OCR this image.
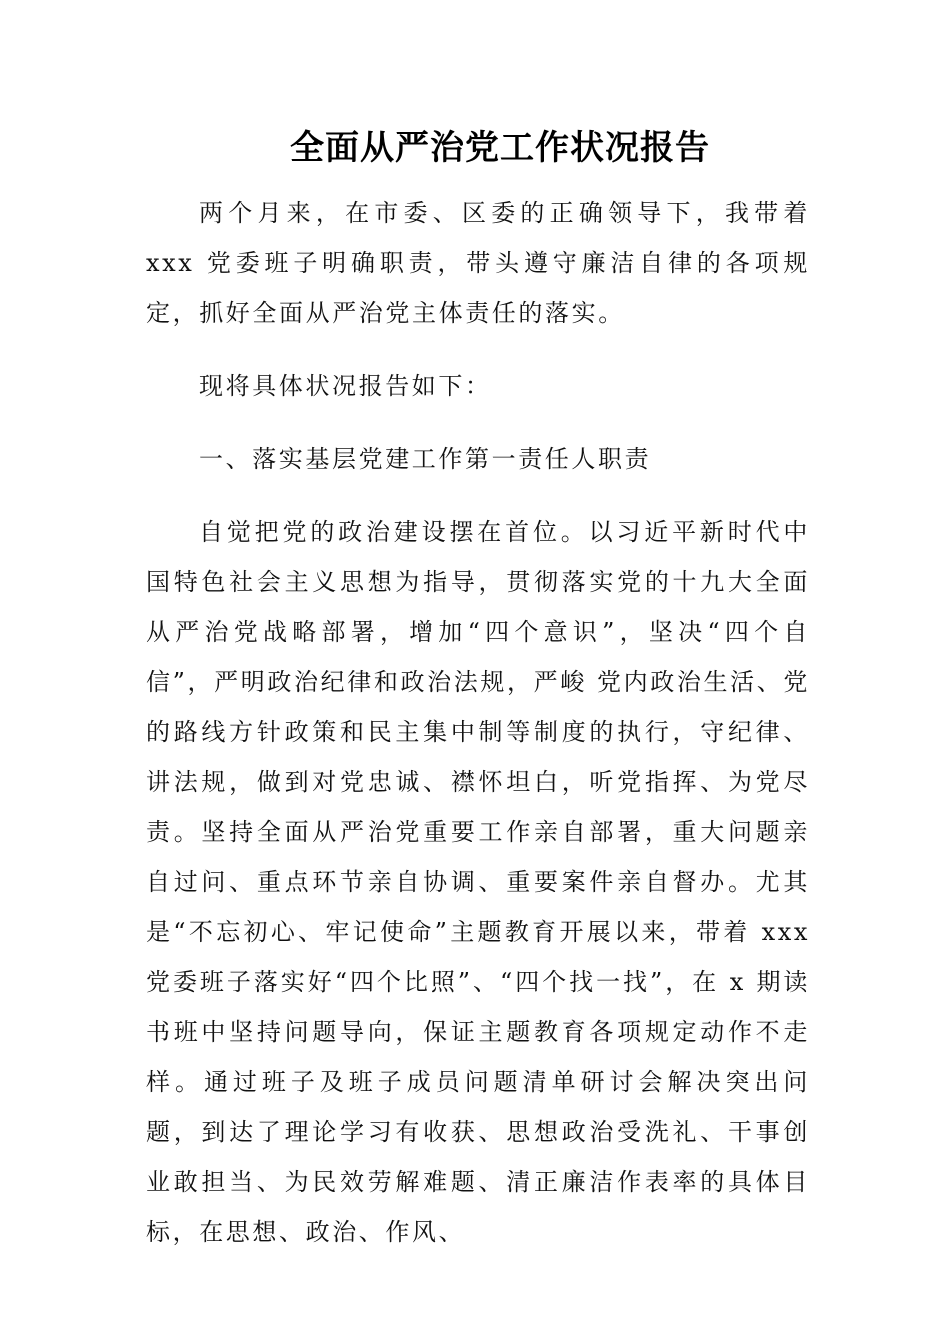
全面从严治党工作状况报告

两个月来，在市委、区委的正确领导下，我带着 xxx 党委班子明确职责，带头遵守廉洁自律的各项规定，抓好全面从严治党主体责任的落实。

现将具体状况报告如下：

一、落实基层党建工作第一责任人职责

自觉把党的政治建设摆在首位。以习近平新时代中国特色社会主义思想为指导，贯彻落实党的十九大全面从严治党战略部署，增加“四个意识”，坚决“四个自信”，严明政治纪律和政治法规，严峻 党内政治生活、党的路线方针政策和民主集中制等制度的执行，守纪律、讲法规，做到对党忠诚、襟怀坦白，听党指挥、为党尽责。坚持全面从严治党重要工作亲自部署，重大问题亲自过问、重点环节亲自协调、重要案件亲自督办。尤其是“不忘初心、牢记使命”主题教育开展以来，带着 xxx 党委班子落实好“四个比照”、“四个找一找”，在 x 期读书班中坚持问题导向，保证主题教育各项规定动作不走样。通过班子及班子成员问题清单研讨会解决突出问题，到达了理论学习有收获、思想政治受洗礼、干事创业敢担当、为民效劳解难题、清正廉洁作表率的具体目标，在思想、政治、作风、
